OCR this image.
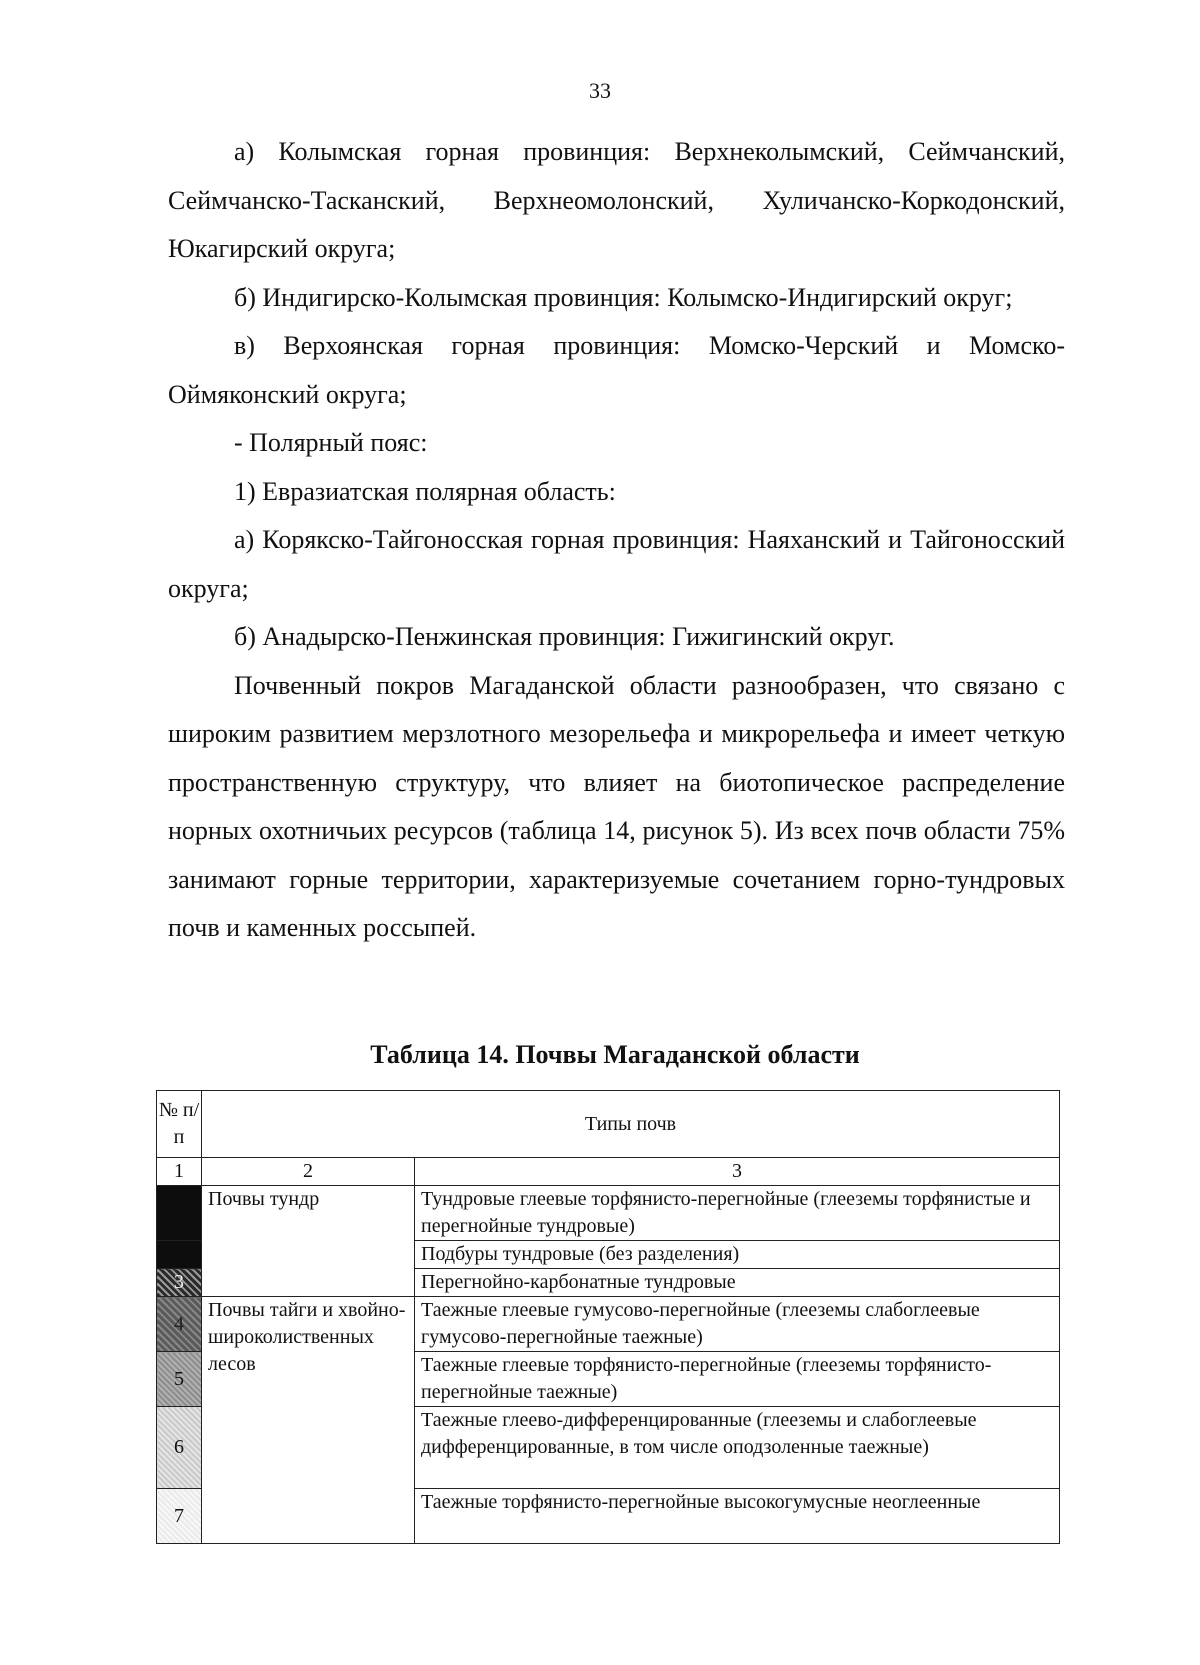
33

а) Колымская горная провинция: Верхнеколымский, Сеймчанский, Сеймчанско-Тасканский, Верхнеомолонский, Хуличанско-Коркодонский, Юкагирский округа;

б) Индигирско-Колымская провинция: Колымско-Индигирский округ;

в) Верхоянская горная провинция: Момско-Черский и Момско-Оймяконский округа;

- Полярный пояс:

1) Евразиатская полярная область:

а) Корякско-Тайгоносская горная провинция: Наяханский и Тайгоносский округа;

б) Анадырско-Пенжинская провинция: Гижигинский округ.

Почвенный покров Магаданской области разнообразен, что связано с широким развитием мерзлотного мезорельефа и микрорельефа и имеет четкую пространственную структуру, что влияет на биотопическое распределение норных охотничьих ресурсов (таблица 14, рисунок 5). Из всех почв области 75% занимают горные территории, характеризуемые сочетанием горно-тундровых почв и каменных россыпей.

Таблица 14. Почвы Магаданской области
№ п/п	Типы почв	
1	2	3
	Почвы тундр	Тундровые глеевые торфянисто-перегнойные (глееземы торфянистые и перегнойные тундровые)
		Подбуры тундровые (без разделения)
3		Перегнойно-карбонатные тундровые
4	Почвы тайги и хвойно-широколиственных лесов	Таежные глеевые гумусово-перегнойные (глееземы слабоглеевые гумусово-перегнойные таежные)
5		Таежные глеевые торфянисто-перегнойные (глееземы торфянисто-перегнойные таежные)
6		Таежные глеево-дифференцированные (глееземы и слабоглеевые дифференцированные, в том числе оподзоленные таежные)
7		Таежные торфянисто-перегнойные высокогумусные неоглеенные
